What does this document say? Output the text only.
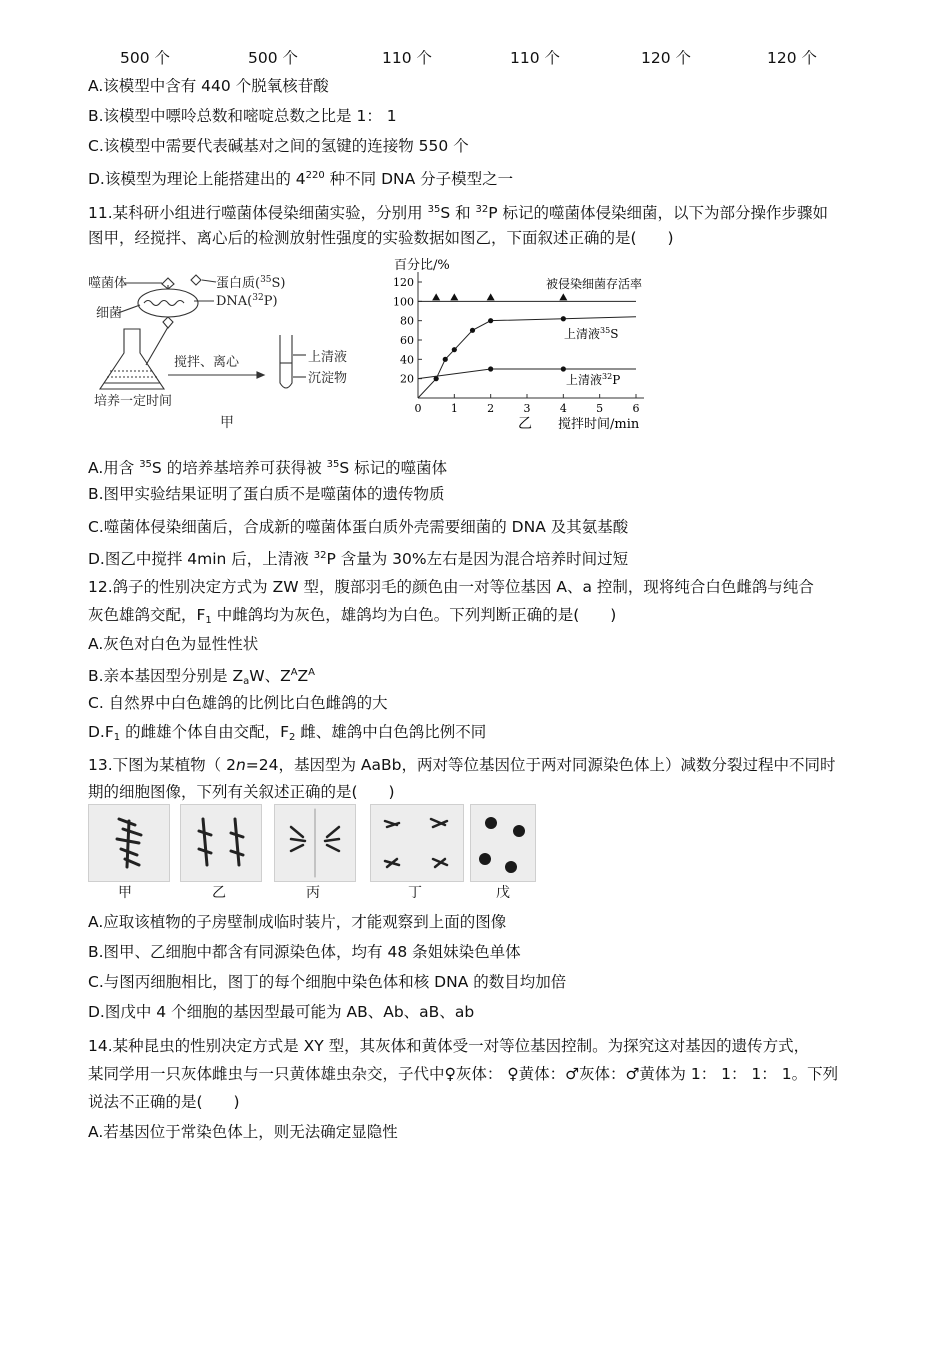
500 个	500 个	110 个	110 个	120 个	120 个
A.该模型中含有 440 个脱氧核苷酸
B.该模型中嘌呤总数和嘧啶总数之比是 1： 1
C.该模型中需要代表碱基对之间的氢键的连接物 550 个
D.该模型为理论上能搭建出的 $4^{220}$ 种不同 DNA 分子模型之一
11.某科研小组进行噬菌体侵染细菌实验，分别用 $^{35}$S 和 $^{32}$P 标记的噬菌体侵染细菌，以下为部分操作步骤如
图甲，经搅拌、离心后的检测放射性强度的实验数据如图乙，下面叙述正确的是(　　)
噬菌体	蛋白质($^{35}$S)
DNA($^{32}$P)
细菌
搅拌、离心
培养一定时间
上清液
沉淀物
甲
百分比/%
20
40
60
80
100
120
0	1	2	3	4	5	6
被侵染细菌存活率
上清液$^{35}$S
上清液$^{32}$P
乙 搅拌时间/min
A.用含 $^{35}$S 的培养基培养可获得被 $^{35}$S 标记的噬菌体
B.图甲实验结果证明了蛋白质不是噬菌体的遗传物质
C.噬菌体侵染细菌后，合成新的噬菌体蛋白质外壳需要细菌的 DNA 及其氨基酸
D.图乙中搅拌 4min 后，上清液 $^{32}$P 含量为 30%左右是因为混合培养时间过短
12.鸽子的性别决定方式为 ZW 型，腹部羽毛的颜色由一对等位基因 A、a 控制，现将纯合白色雌鸽与纯合
灰色雄鸽交配，$F_1$ 中雌鸽均为灰色，雄鸽均为白色。下列判断正确的是(　　)
A.灰色对白色为显性性状
B.亲本基因型分别是 $Z_aW$、$Z^AZ^A$
C. 自然界中白色雄鸽的比例比白色雌鸽的大
$D.F_1$ 的雌雄个体自由交配，$F_2$ 雌、雄鸽中白色鸽比例不同
13.下图为某植物（ 2n=24，基因型为 AaBb，两对等位基因位于两对同源染色体上）减数分裂过程中不同时
期的细胞图像，下列有关叙述正确的是(　　)
甲	乙	丙	丁	戊
A.应取该植物的子房壁制成临时装片，才能观察到上面的图像
B.图甲、乙细胞中都含有同源染色体，均有 48 条姐妹染色单体
C.与图丙细胞相比，图丁的每个细胞中染色体和核 DNA 的数目均加倍
D.图戊中 4 个细胞的基因型最可能为 AB、Ab、aB、ab
14.某种昆虫的性别决定方式是 XY 型，其灰体和黄体受一对等位基因控制。为探究这对基因的遗传方式，
某同学用一只灰体雌虫与一只黄体雄虫杂交，子代中♀灰体： ♀黄体：♂灰体：♂黄体为 1： 1： 1： 1。下列
说法不正确的是(　　)
A.若基因位于常染色体上，则无法确定显隐性
